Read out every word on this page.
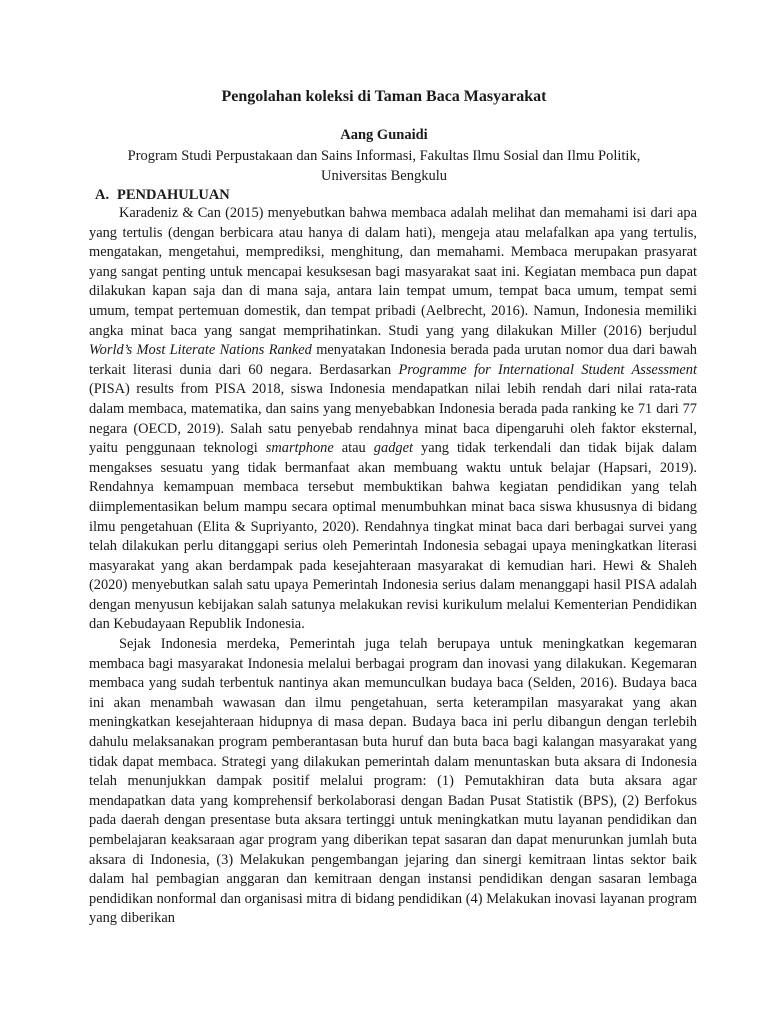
Pengolahan koleksi di Taman Baca Masyarakat
Aang Gunaidi
Program Studi Perpustakaan dan Sains Informasi, Fakultas Ilmu Sosial dan Ilmu Politik,
Universitas Bengkulu
A. PENDAHULUAN

Karadeniz & Can (2015) menyebutkan bahwa membaca adalah melihat dan memahami isi dari apa yang tertulis (dengan berbicara atau hanya di dalam hati), mengeja atau melafalkan apa yang tertulis, mengatakan, mengetahui, memprediksi, menghitung, dan memahami. Membaca merupakan prasyarat yang sangat penting untuk mencapai kesuksesan bagi masyarakat saat ini. Kegiatan membaca pun dapat dilakukan kapan saja dan di mana saja, antara lain tempat umum, tempat baca umum, tempat semi umum, tempat pertemuan domestik, dan tempat pribadi (Aelbrecht, 2016). Namun, Indonesia memiliki angka minat baca yang sangat memprihatinkan. Studi yang yang dilakukan Miller (2016) berjudul World’s Most Literate Nations Ranked menyatakan Indonesia berada pada urutan nomor dua dari bawah terkait literasi dunia dari 60 negara. Berdasarkan Programme for International Student Assessment (PISA) results from PISA 2018, siswa Indonesia mendapatkan nilai lebih rendah dari nilai rata-rata dalam membaca, matematika, dan sains yang menyebabkan Indonesia berada pada ranking ke 71 dari 77 negara (OECD, 2019). Salah satu penyebab rendahnya minat baca dipengaruhi oleh faktor eksternal, yaitu penggunaan teknologi smartphone atau gadget yang tidak terkendali dan tidak bijak dalam mengakses sesuatu yang tidak bermanfaat akan membuang waktu untuk belajar (Hapsari, 2019). Rendahnya kemampuan membaca tersebut membuktikan bahwa kegiatan pendidikan yang telah diimplementasikan belum mampu secara optimal menumbuhkan minat baca siswa khususnya di bidang ilmu pengetahuan (Elita & Supriyanto, 2020). Rendahnya tingkat minat baca dari berbagai survei yang telah dilakukan perlu ditanggapi serius oleh Pemerintah Indonesia sebagai upaya meningkatkan literasi masyarakat yang akan berdampak pada kesejahteraan masyarakat di kemudian hari. Hewi & Shaleh (2020) menyebutkan salah satu upaya Pemerintah Indonesia serius dalam menanggapi hasil PISA adalah dengan menyusun kebijakan salah satunya melakukan revisi kurikulum melalui Kementerian Pendidikan dan Kebudayaan Republik Indonesia.

Sejak Indonesia merdeka, Pemerintah juga telah berupaya untuk meningkatkan kegemaran membaca bagi masyarakat Indonesia melalui berbagai program dan inovasi yang dilakukan. Kegemaran membaca yang sudah terbentuk nantinya akan memunculkan budaya baca (Selden, 2016). Budaya baca ini akan menambah wawasan dan ilmu pengetahuan, serta keterampilan masyarakat yang akan meningkatkan kesejahteraan hidupnya di masa depan. Budaya baca ini perlu dibangun dengan terlebih dahulu melaksanakan program pemberantasan buta huruf dan buta baca bagi kalangan masyarakat yang tidak dapat membaca. Strategi yang dilakukan pemerintah dalam menuntaskan buta aksara di Indonesia telah menunjukkan dampak positif melalui program: (1) Pemutakhiran data buta aksara agar mendapatkan data yang komprehensif berkolaborasi dengan Badan Pusat Statistik (BPS), (2) Berfokus pada daerah dengan presentase buta aksara tertinggi untuk meningkatkan mutu layanan pendidikan dan pembelajaran keaksaraan agar program yang diberikan tepat sasaran dan dapat menurunkan jumlah buta aksara di Indonesia, (3) Melakukan pengembangan jejaring dan sinergi kemitraan lintas sektor baik dalam hal pembagian anggaran dan kemitraan dengan instansi pendidikan dengan sasaran lembaga pendidikan nonformal dan organisasi mitra di bidang pendidikan (4) Melakukan inovasi layanan program yang diberikan
